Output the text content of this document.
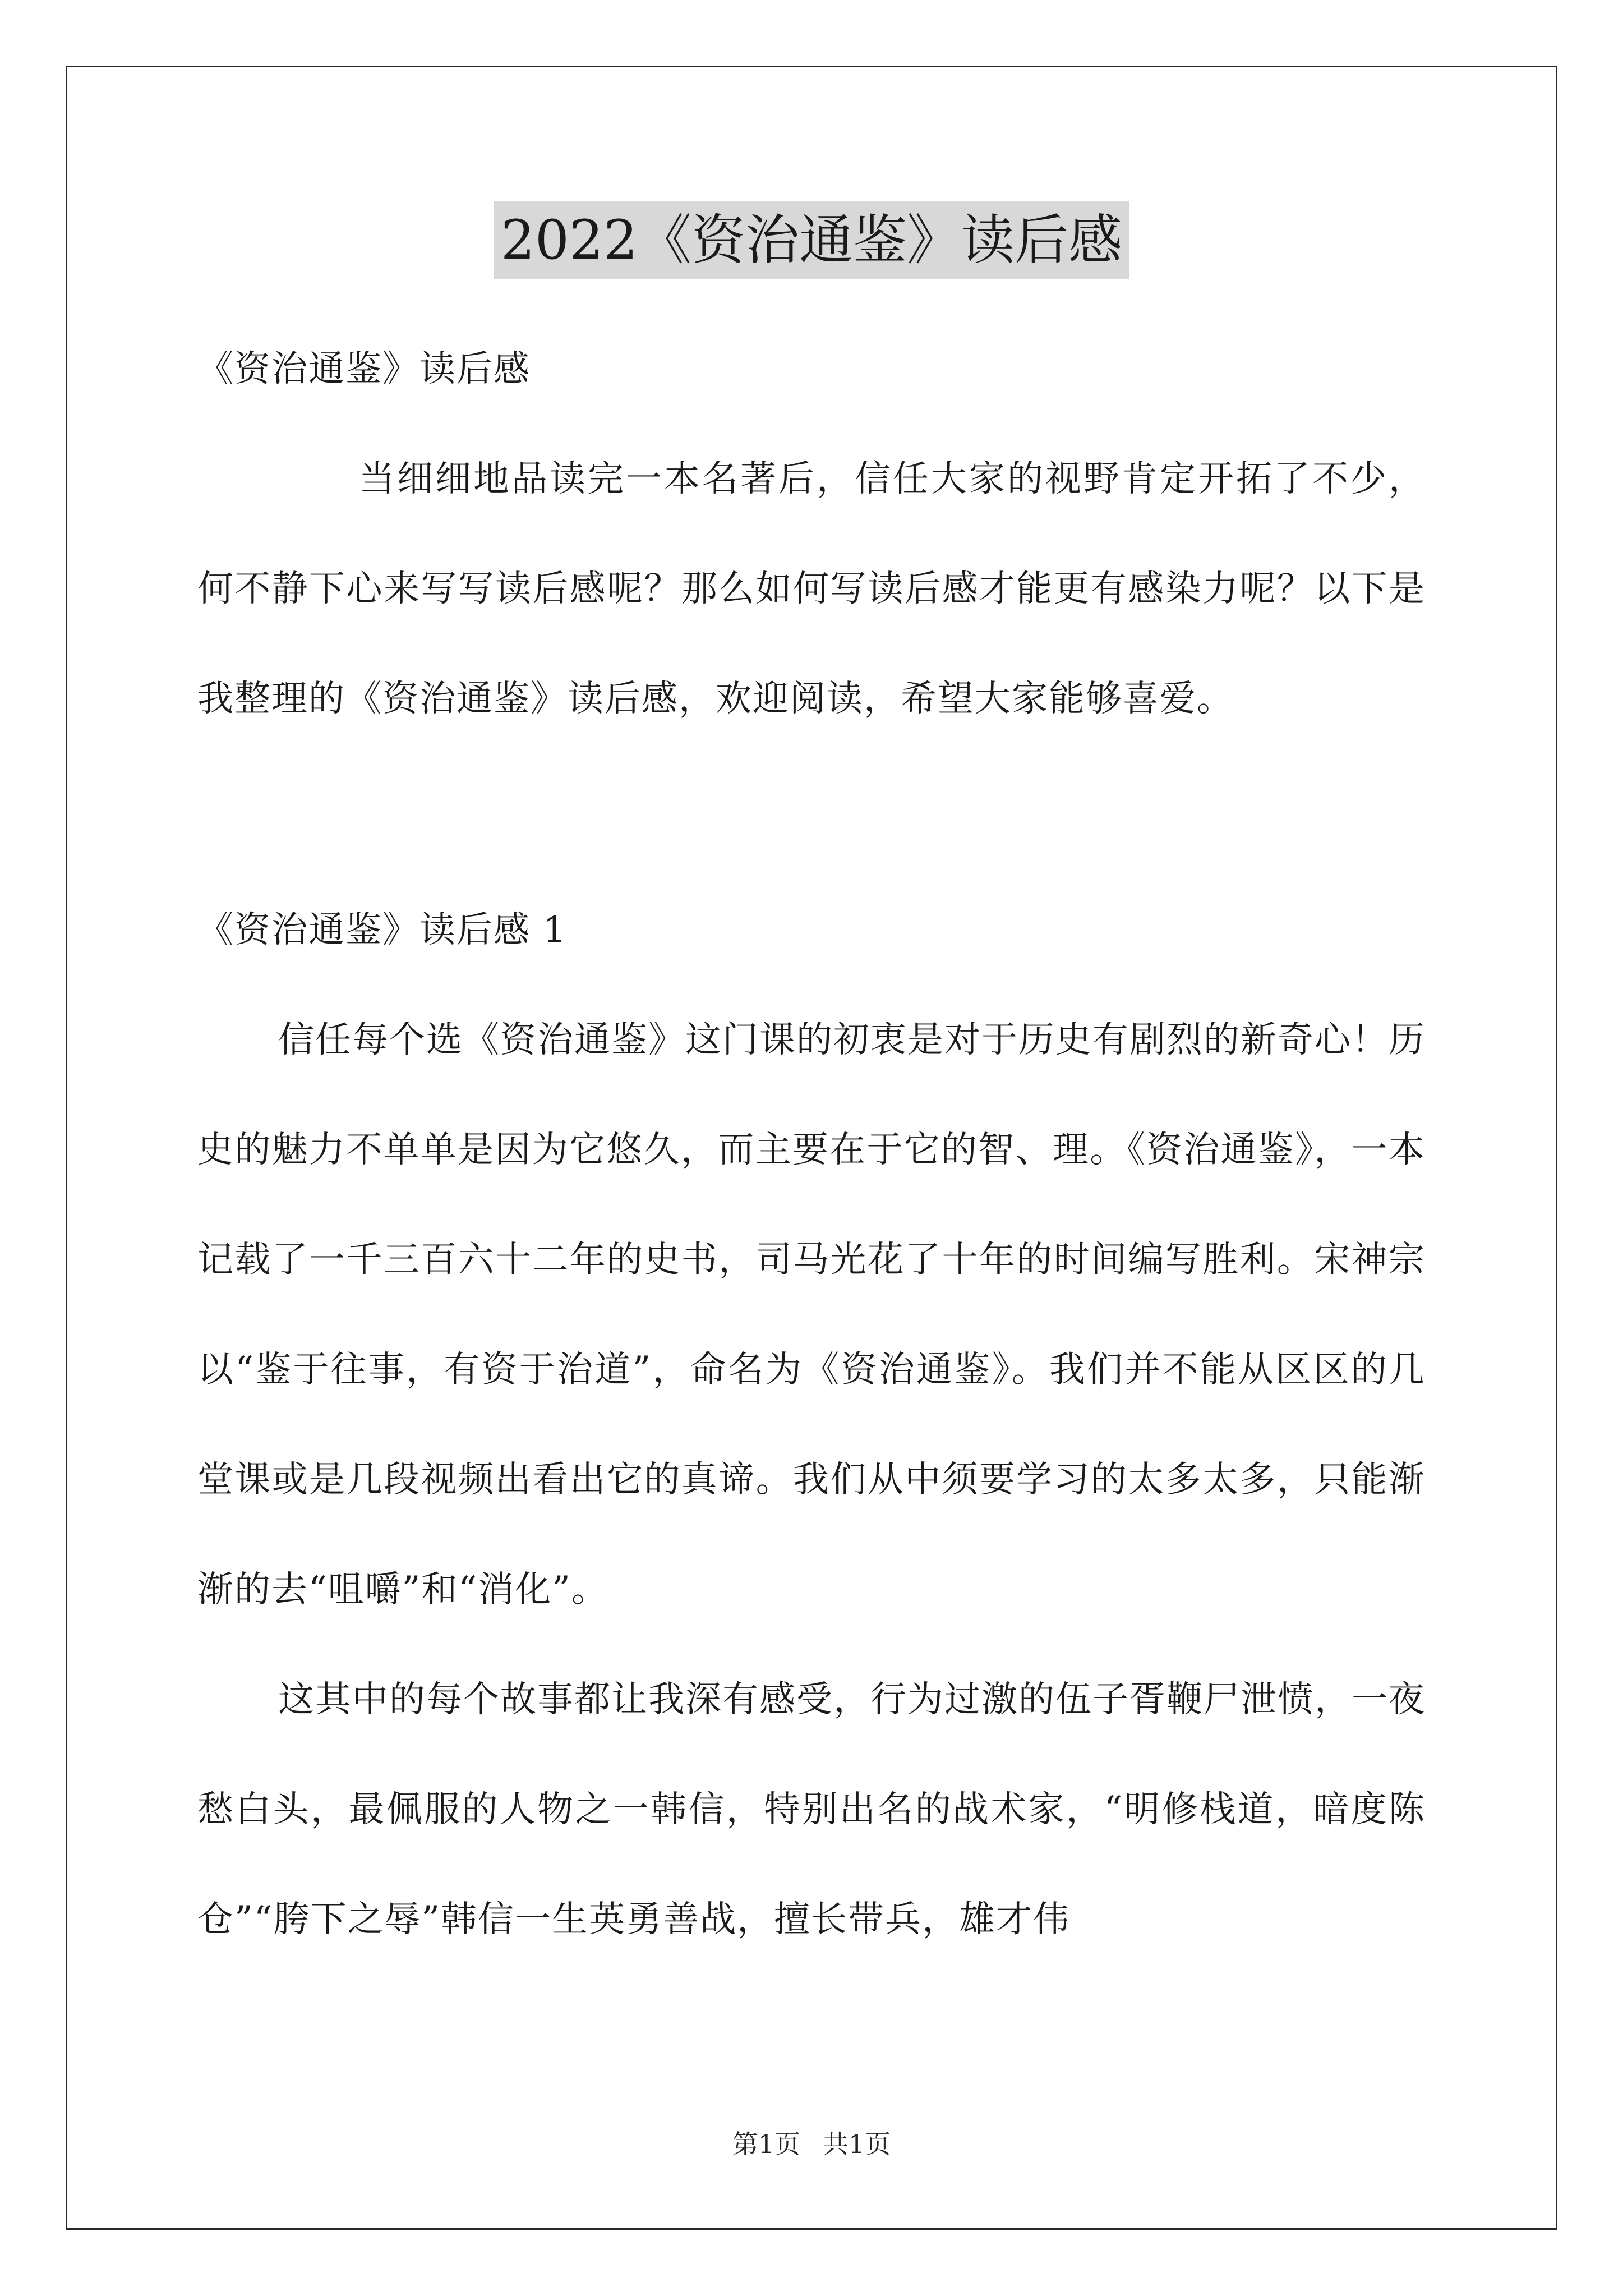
2022《资治通鉴》读后感

《资治通鉴》读后感

当细细地品读完一本名著后，信任大家的视野肯定开拓了不少，何不静下心来写写读后感呢？那么如何写读后感才能更有感染力呢？以下是我整理的《资治通鉴》读后感，欢迎阅读，希望大家能够喜爱。

《资治通鉴》读后感 1

信任每个选《资治通鉴》这门课的初衷是对于历史有剧烈的新奇心！历史的魅力不单单是因为它悠久，而主要在于它的智、理。《资治通鉴》，一本记载了一千三百六十二年的史书，司马光花了十年的时间编写胜利。宋神宗以“鉴于往事，有资于治道”，命名为《资治通鉴》。我们并不能从区区的几堂课或是几段视频出看出它的真谛。我们从中须要学习的太多太多，只能渐渐的去“咀嚼”和“消化”。

这其中的每个故事都让我深有感受，行为过激的伍子胥鞭尸泄愤，一夜愁白头，最佩服的人物之一韩信，特别出名的战术家，“明修栈道，暗度陈仓”“胯下之辱”韩信一生英勇善战，擅长带兵，雄才伟

第1页 共1页
